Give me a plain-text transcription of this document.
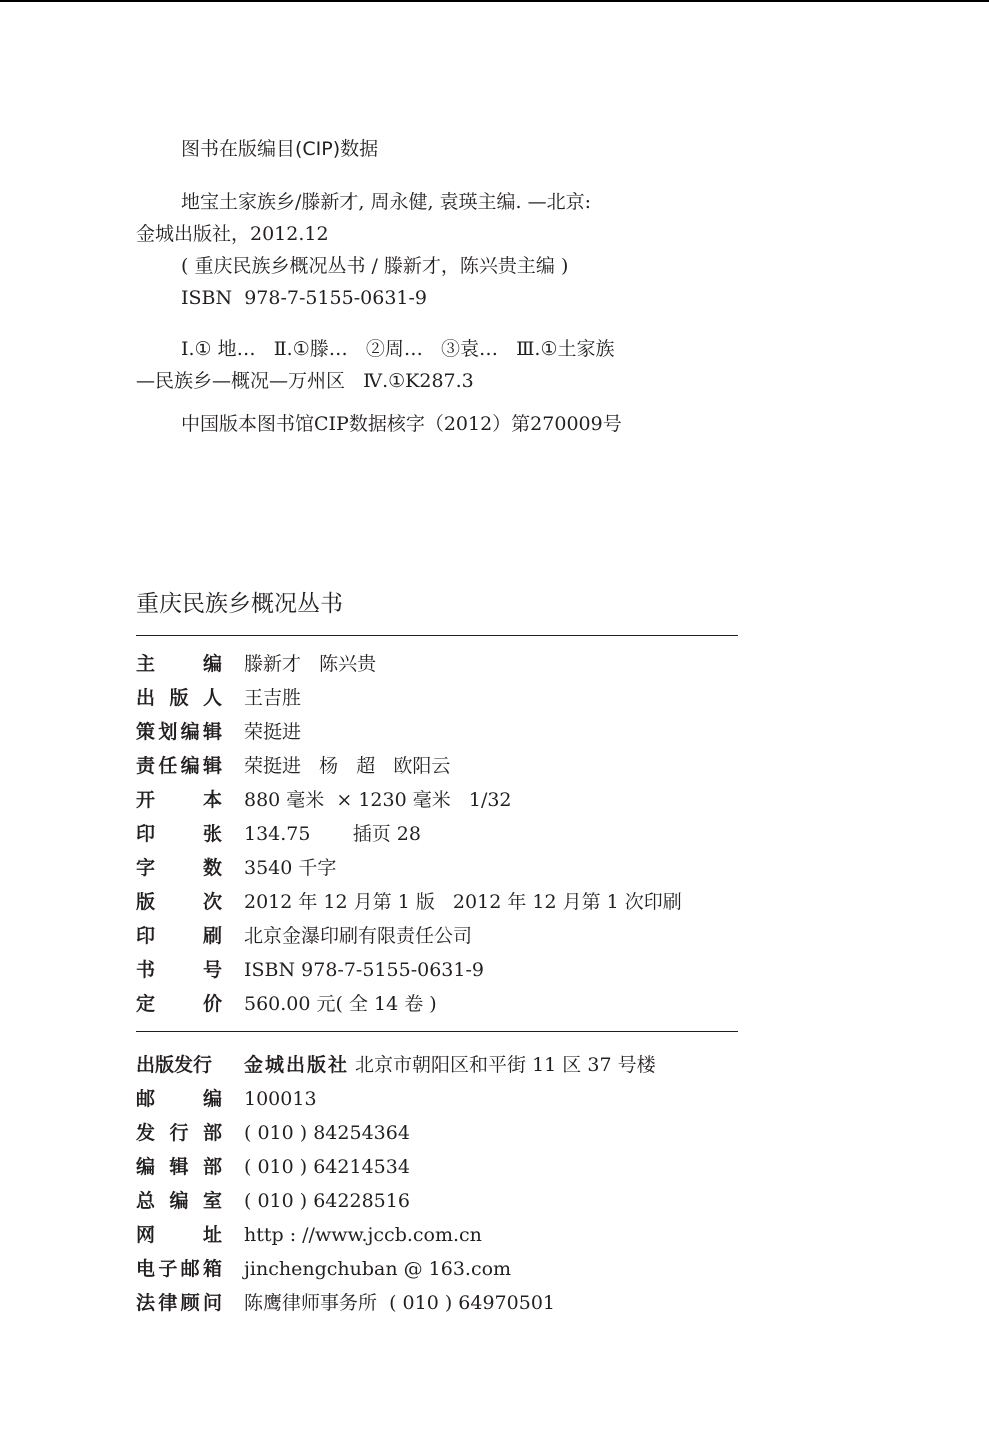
图书在版编目(CIP)数据
地宝土家族乡/滕新才, 周永健, 袁瑛主编. —北京:
金城出版社，2012.12
( 重庆民族乡概况丛书 / 滕新才，陈兴贵主编 )
ISBN  978-7-5155-0631-9
Ⅰ.① 地…   Ⅱ.①滕…   ②周…   ③袁…   Ⅲ.①土家族
—民族乡—概况—万州区   Ⅳ.①K287.3
中国版本图书馆CIP数据核字（2012）第270009号
重庆民族乡概况丛书
主	编 滕新才   陈兴贵
出 版 人 王吉胜
策 划 编 辑 荣挺进
责 任 编 辑 荣挺进   杨   超   欧阳云
开	本 880 毫米  × 1230 毫米   1/32
印	张 134.75       插页 28
字	数 3540 千字
版	次 2012 年 12 月第 1 版   2012 年 12 月第 1 次印刷
印	刷 北京金瀑印刷有限责任公司
书	号 ISBN 978-7-5155-0631-9
定	价 560.00 元( 全 14 卷 )

出版发行

金城出版社 北京市朝阳区和平街 11 区 37 号楼

邮	编 100013
发 行 部 ( 010 ) 84254364
编 辑 部 ( 010 ) 64214534
总 编 室 ( 010 ) 64228516
网	址 http : //www.jccb.com.cn
电 子 邮 箱 jinchengchuban @ 163.com
法 律 顾 问 陈鹰律师事务所  ( 010 ) 64970501
